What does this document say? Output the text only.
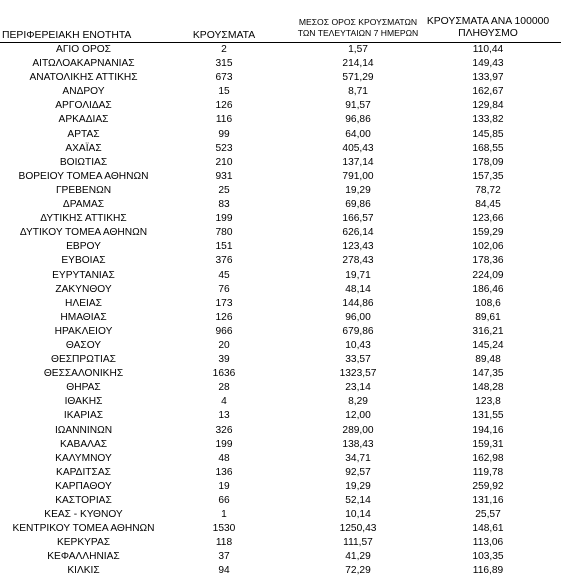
ΠΕΡΙΦΕΡΕΙΑΚΗ ΕΝΟΤΗΤΑ	ΚΡΟΥΣΜΑΤΑ
ΜΕΣΟΣ ΟΡΟΣ ΚΡΟΥΣΜΑΤΩΝ
ΤΩΝ ΤΕΛΕΥΤΑΙΩΝ 7 ΗΜΕΡΩΝ
ΚΡΟΥΣΜΑΤΑ ΑΝΑ 100000
ΠΛΗΘΥΣΜΟ
ΑΓΙΟ ΟΡΟΣ	2	1,57	110,44
ΑΙΤΩΛΟΑΚΑΡΝΑΝΙΑΣ	315	214,14	149,43
ΑΝΑΤΟΛΙΚΗΣ ΑΤΤΙΚΗΣ	673	571,29	133,97
ΑΝΔΡΟΥ	15	8,71	162,67
ΑΡΓΟΛΙΔΑΣ	126	91,57	129,84
ΑΡΚΑΔΙΑΣ	116	96,86	133,82
ΑΡΤΑΣ	99	64,00	145,85
ΑΧΑΪΑΣ	523	405,43	168,55
ΒΟΙΩΤΙΑΣ	210	137,14	178,09
ΒΟΡΕΙΟΥ ΤΟΜΕΑ ΑΘΗΝΩΝ	931	791,00	157,35
ΓΡΕΒΕΝΩΝ	25	19,29	78,72
ΔΡΑΜΑΣ	83	69,86	84,45
ΔΥΤΙΚΗΣ ΑΤΤΙΚΗΣ	199	166,57	123,66
ΔΥΤΙΚΟΥ ΤΟΜΕΑ ΑΘΗΝΩΝ	780	626,14	159,29
ΕΒΡΟΥ	151	123,43	102,06
ΕΥΒΟΙΑΣ	376	278,43	178,36
ΕΥΡΥΤΑΝΙΑΣ	45	19,71	224,09
ΖΑΚΥΝΘΟΥ	76	48,14	186,46
ΗΛΕΙΑΣ	173	144,86	108,6
ΗΜΑΘΙΑΣ	126	96,00	89,61
ΗΡΑΚΛΕΙΟΥ	966	679,86	316,21
ΘΑΣΟΥ	20	10,43	145,24
ΘΕΣΠΡΩΤΙΑΣ	39	33,57	89,48
ΘΕΣΣΑΛΟΝΙΚΗΣ	1636	1323,57	147,35
ΘΗΡΑΣ	28	23,14	148,28
ΙΘΑΚΗΣ	4	8,29	123,8
ΙΚΑΡΙΑΣ	13	12,00	131,55
ΙΩΑΝΝΙΝΩΝ	326	289,00	194,16
ΚΑΒΑΛΑΣ	199	138,43	159,31
ΚΑΛΥΜΝΟΥ	48	34,71	162,98
ΚΑΡΔΙΤΣΑΣ	136	92,57	119,78
ΚΑΡΠΑΘΟΥ	19	19,29	259,92
ΚΑΣΤΟΡΙΑΣ	66	52,14	131,16
ΚΕΑΣ - ΚΥΘΝΟΥ	1	10,14	25,57
ΚΕΝΤΡΙΚΟΥ ΤΟΜΕΑ ΑΘΗΝΩΝ	1530	1250,43	148,61
ΚΕΡΚΥΡΑΣ	118	111,57	113,06
ΚΕΦΑΛΛΗΝΙΑΣ	37	41,29	103,35
ΚΙΛΚΙΣ	94	72,29	116,89
